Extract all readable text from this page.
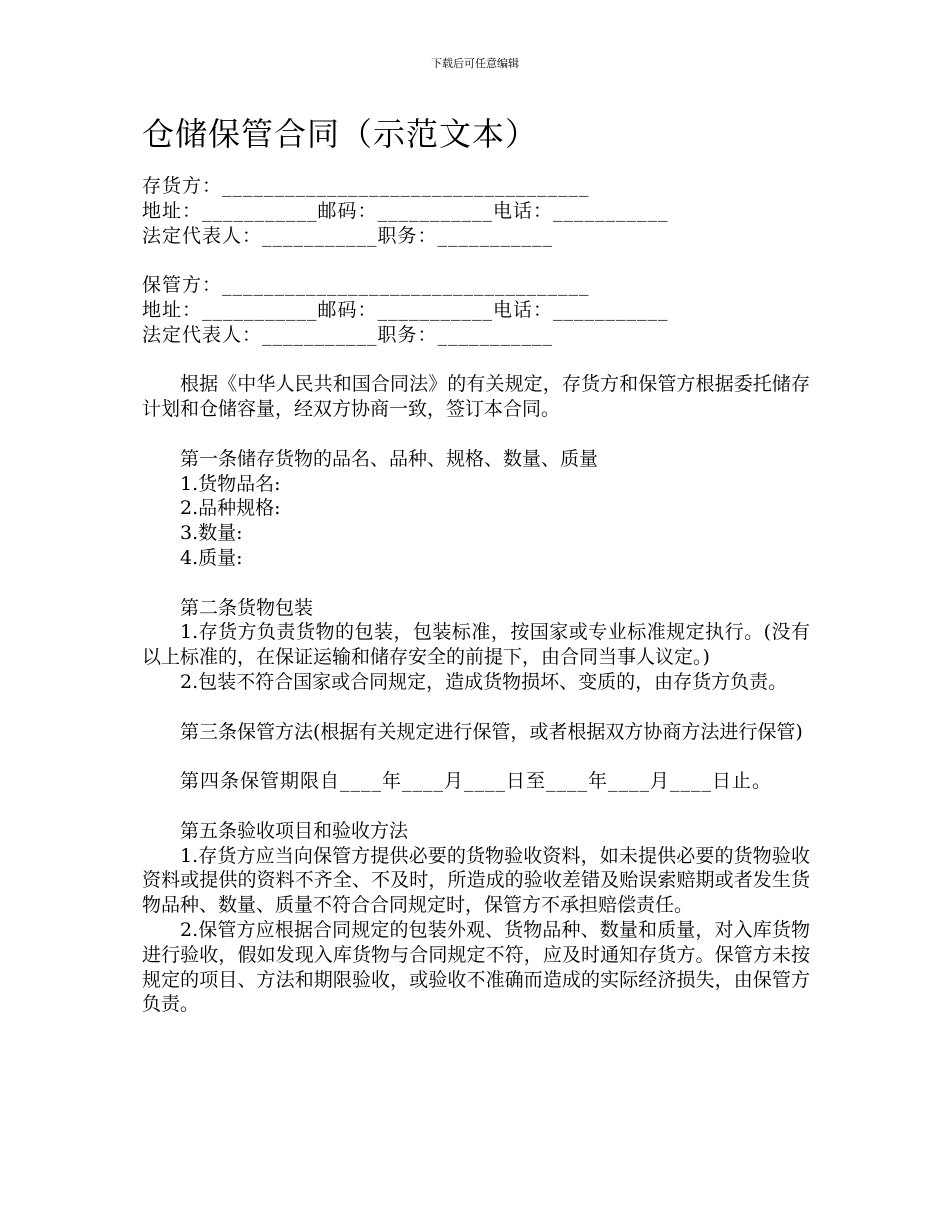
下载后可任意编辑
仓储保管合同（示范文本）
存货方：___________________________________
地址：___________邮码：___________电话：___________
法定代表人：___________职务：___________
保管方：___________________________________
地址：___________邮码：___________电话：___________
法定代表人：___________职务：___________

根据《中华人民共和国合同法》的有关规定，存货方和保管方根据委托储存计划和仓储容量，经双方协商一致，签订本合同。

第一条储存货物的品名、品种、规格、数量、质量
1.货物品名:
2.品种规格:
3.数量:
4.质量:
第二条货物包装

1.存货方负责货物的包装，包装标准，按国家或专业标准规定执行。(没有以上标准的，在保证运输和储存安全的前提下，由合同当事人议定。)

2.包装不符合国家或合同规定，造成货物损坏、变质的，由存货方负责。

第三条保管方法(根据有关规定进行保管，或者根据双方协商方法进行保管)

第四条保管期限自____年____月____日至____年____月____日止。
第五条验收项目和验收方法

1.存货方应当向保管方提供必要的货物验收资料，如未提供必要的货物验收资料或提供的资料不齐全、不及时，所造成的验收差错及贻误索赔期或者发生货物品种、数量、质量不符合合同规定时，保管方不承担赔偿责任。

2.保管方应根据合同规定的包装外观、货物品种、数量和质量，对入库货物进行验收，假如发现入库货物与合同规定不符，应及时通知存货方。保管方未按规定的项目、方法和期限验收，或验收不准确而造成的实际经济损失，由保管方负责。
